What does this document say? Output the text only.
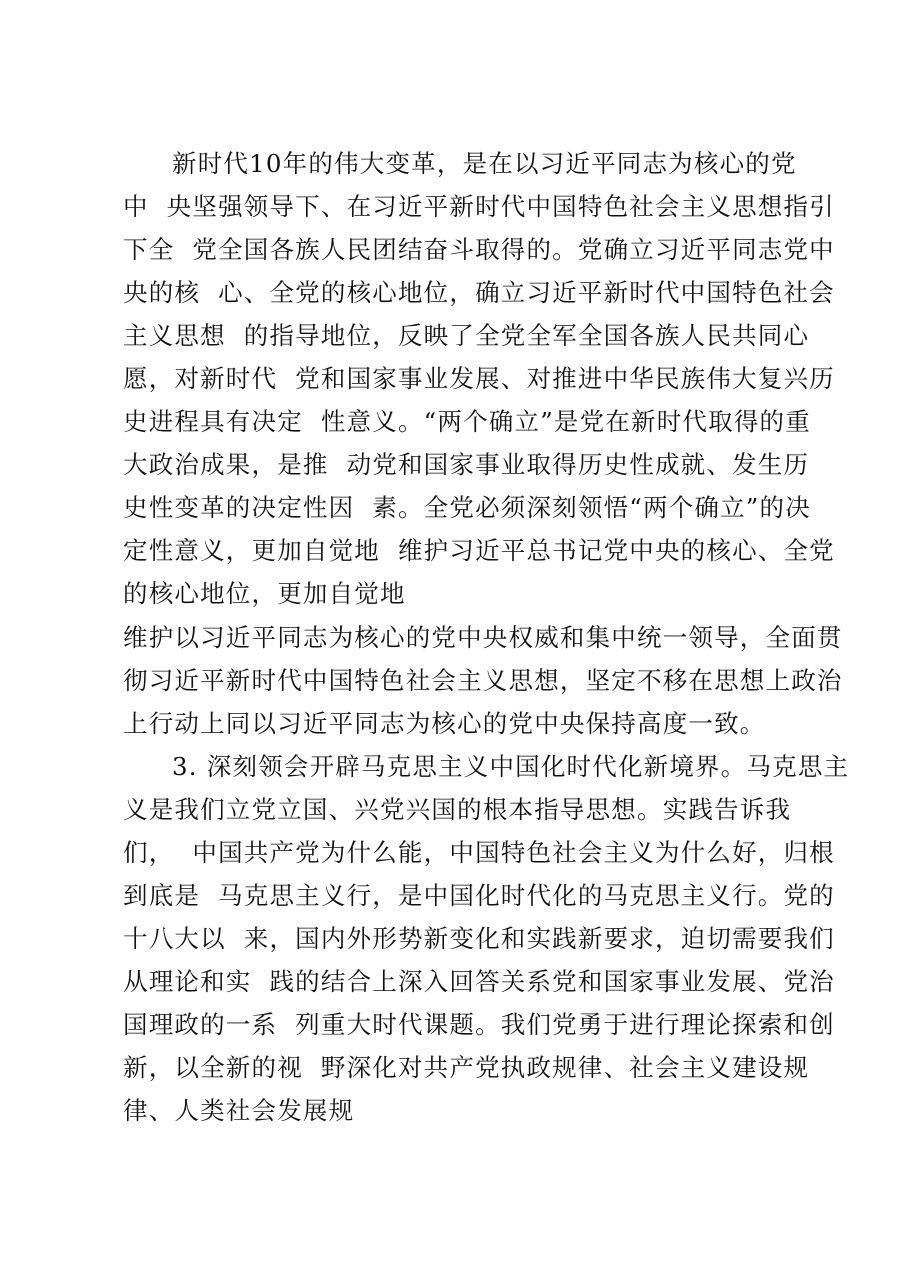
新时代10年的伟大变革，是在以习近平同志为核心的党
中  央坚强领导下、在习近平新时代中国特色社会主义思想指引
下全  党全国各族人民团结奋斗取得的。党确立习近平同志党中
央的核  心、全党的核心地位，确立习近平新时代中国特色社会
主义思想  的指导地位，反映了全党全军全国各族人民共同心
愿，对新时代  党和国家事业发展、对推进中华民族伟大复兴历
史进程具有决定  性意义。“两个确立”是党在新时代取得的重
大政治成果，是推  动党和国家事业取得历史性成就、发生历
史性变革的决定性因  素。全党必须深刻领悟“两个确立”的决
定性意义，更加自觉地  维护习近平总书记党中央的核心、全党
的核心地位，更加自觉地
维护以习近平同志为核心的党中央权威和集中统一领导，全面贯
彻习近平新时代中国特色社会主义思想，坚定不移在思想上政治
上行动上同以习近平同志为核心的党中央保持高度一致。
3. 深刻领会开辟马克思主义中国化时代化新境界。马克思主
义是我们立党立国、兴党兴国的根本指导思想。实践告诉我
们，  中国共产党为什么能，中国特色社会主义为什么好，归根
到底是  马克思主义行，是中国化时代化的马克思主义行。党的
十八大以  来，国内外形势新变化和实践新要求，迫切需要我们
从理论和实  践的结合上深入回答关系党和国家事业发展、党治
国理政的一系  列重大时代课题。我们党勇于进行理论探索和创
新，以全新的视  野深化对共产党执政规律、社会主义建设规
律、人类社会发展规
